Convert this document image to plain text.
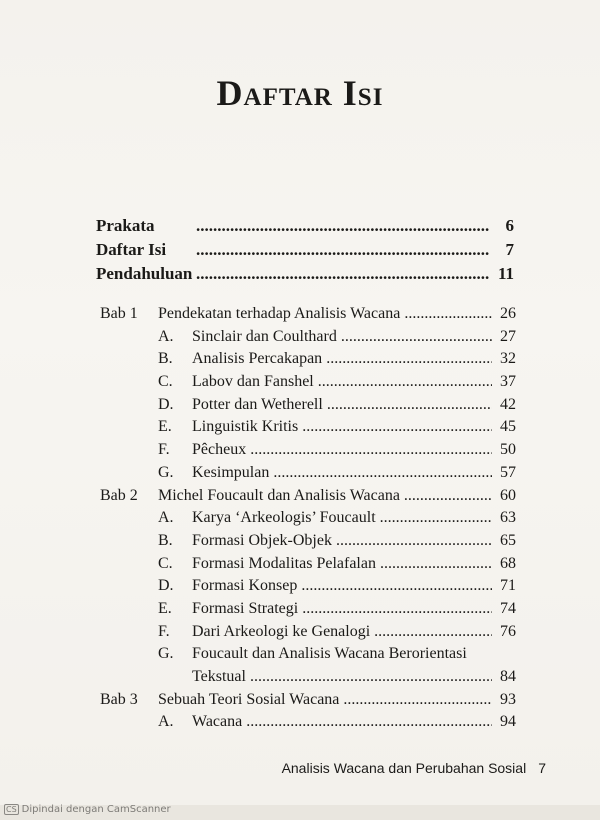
Daftar Isi
Prakata .....	6
Daftar Isi .....	7
Pendahuluan .....	11
Bab 1	Pendekatan terhadap Analisis Wacana .....	26
A.	Sinclair dan Coulthard .....	27
B.	Analisis Percakapan .....	32
C.	Labov dan Fanshel .....	37
D.	Potter dan Wetherell .....	42
E.	Linguistik Kritis .....	45
F.	Pêcheux .....	50
G.	Kesimpulan .....	57
Bab 2	Michel Foucault dan Analisis Wacana .....	60
A.	Karya ‘Arkeologis’ Foucault .....	63
B.	Formasi Objek-Objek .....	65
C.	Formasi Modalitas Pelafalan .....	68
D.	Formasi Konsep .....	71
E.	Formasi Strategi .....	74
F.	Dari Arkeologi ke Genalogi .....	76
G.	Foucault dan Analisis Wacana Berorientasi
Tekstual .....	84
Bab 3	Sebuah Teori Sosial Wacana .....	93
A.	Wacana .....	94
Analisis Wacana dan Perubahan Sosial 7
CS Dipindai dengan CamScanner
